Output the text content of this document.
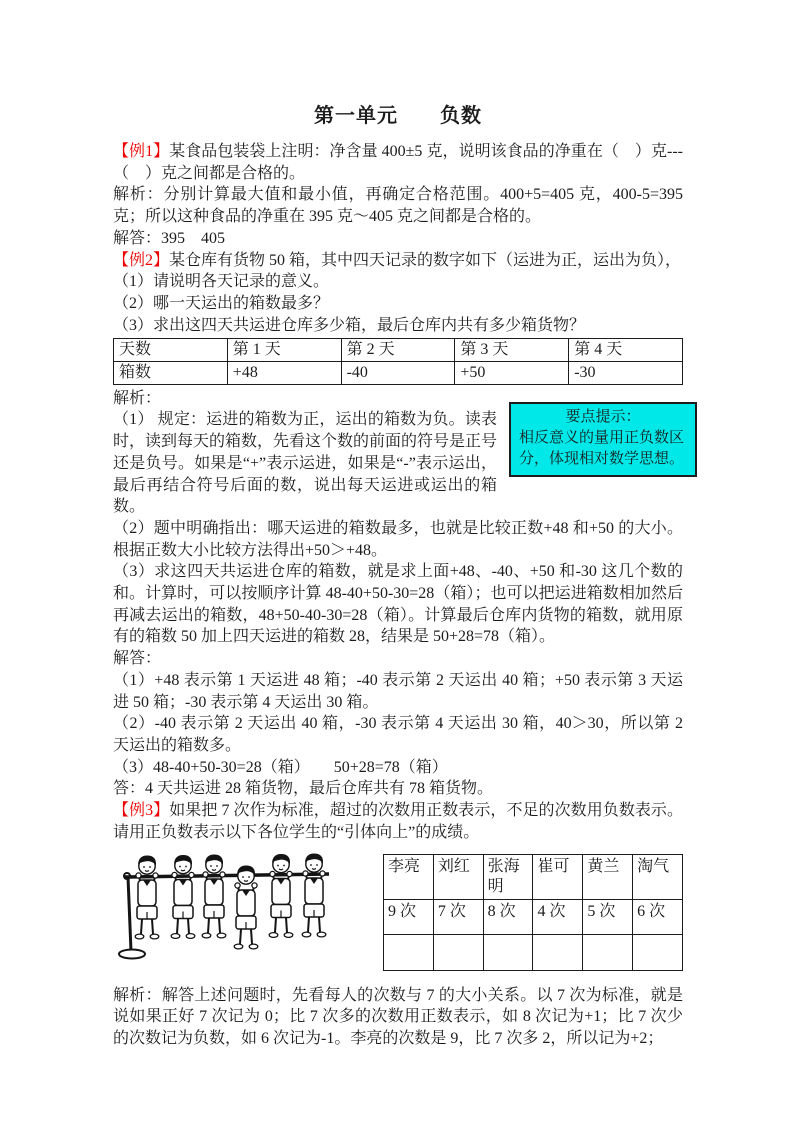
第一单元　　负数

【例1】某食品包装袋上注明：净含量 400±5 克，说明该食品的净重在（　）克---（　）克之间都是合格的。

解析：分别计算最大值和最小值，再确定合格范围。400+5=405 克，400-5=395 克；所以这种食品的净重在 395 克～405 克之间都是合格的。

解答：395　405

【例2】某仓库有货物 50 箱，其中四天记录的数字如下（运进为正，运出为负），

（1）请说明各天记录的意义。

（2）哪一天运出的箱数最多？

（3）求出这四天共运进仓库多少箱，最后仓库内共有多少箱货物？

天数	第 1 天	第 2 天	第 3 天	第 4 天
箱数	+48	-40	+50	-30
要点提示：
相反意义的量用正负数区分，体现相对数学思想。

解析：

（1） 规定：运进的箱数为正，运出的箱数为负。读表时，读到每天的箱数，先看这个数的前面的符号是正号还是负号。如果是“+”表示运进，如果是“-”表示运出，最后再结合符号后面的数，说出每天运进或运出的箱数。

（2）题中明确指出：哪天运进的箱数最多，也就是比较正数+48 和+50 的大小。根据正数大小比较方法得出+50＞+48。

（3）求这四天共运进仓库的箱数，就是求上面+48、-40、+50 和-30 这几个数的和。计算时，可以按顺序计算 48-40+50-30=28（箱）；也可以把运进箱数相加然后再减去运出的箱数，48+50-40-30=28（箱）。计算最后仓库内货物的箱数，就用原有的箱数 50 加上四天运进的箱数 28，结果是 50+28=78（箱）。

解答：

（1）+48 表示第 1 天运进 48 箱；-40 表示第 2 天运出 40 箱；+50 表示第 3 天运进 50 箱；-30 表示第 4 天运出 30 箱。

（2）-40 表示第 2 天运出 40 箱，-30 表示第 4 天运出 30 箱，40＞30，所以第 2 天运出的箱数多。

（3）48-40+50-30=28（箱）　　50+28=78（箱）

答：4 天共运进 28 箱货物，最后仓库共有 78 箱货物。

【例3】如果把 7 次作为标准，超过的次数用正数表示，不足的次数用负数表示。请用正负数表示以下各位学生的“引体向上”的成绩。

李亮	刘红	张海明	崔可	黄兰	淘气
9 次	7 次	8 次	4 次	5 次	6 次

解析：解答上述问题时，先看每人的次数与 7 的大小关系。以 7 次为标准，就是说如果正好 7 次记为 0；比 7 次多的次数用正数表示，如 8 次记为+1；比 7 次少的次数记为负数，如 6 次记为-1。李亮的次数是 9，比 7 次多 2，所以记为+2；
